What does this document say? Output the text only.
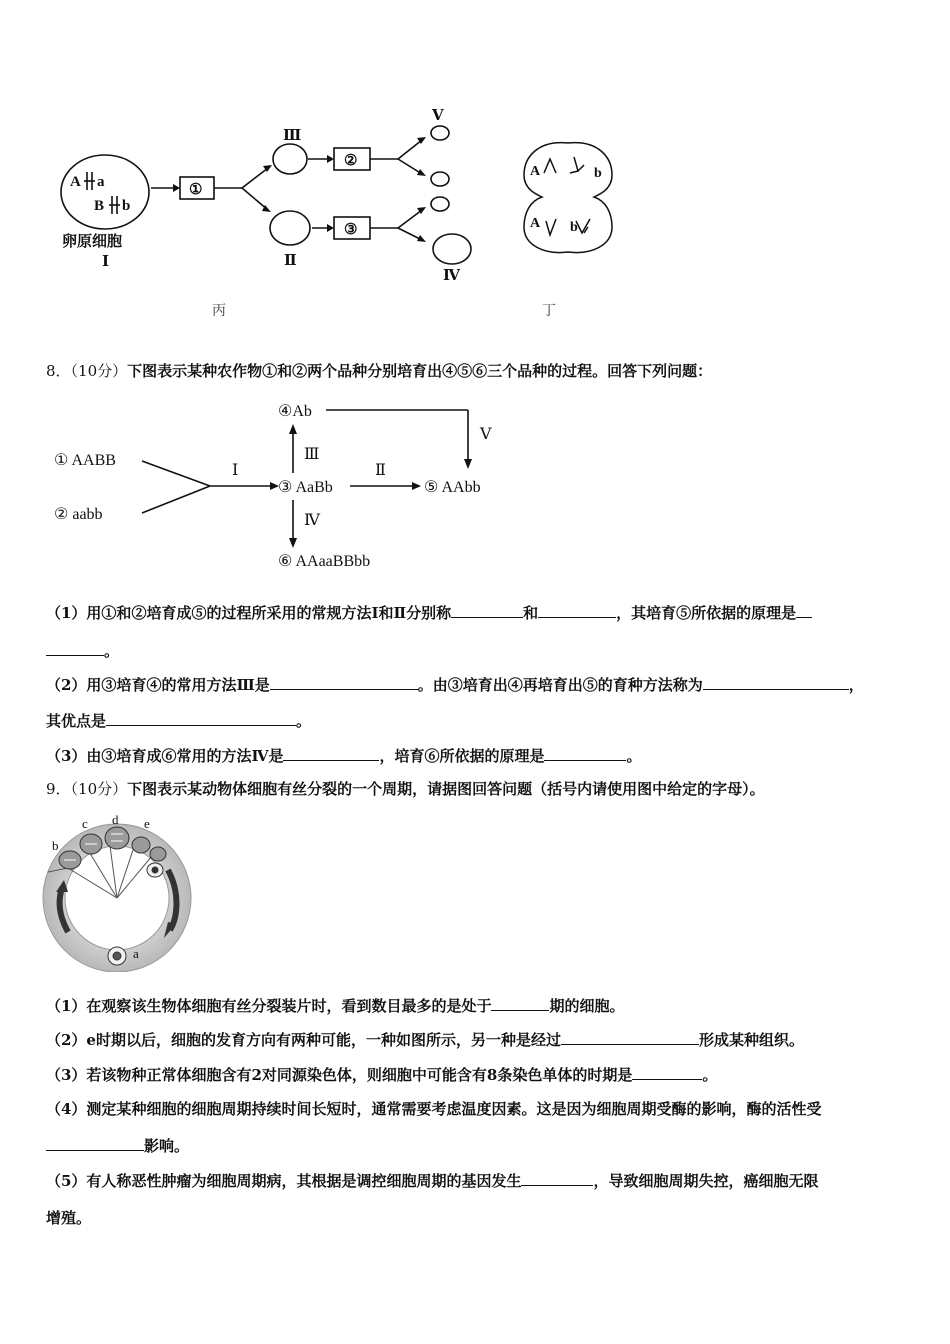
A a
B b
①
②
③
Ⅲ
Ⅱ
Ⅴ
Ⅳ
卵原细胞
Ⅰ
丙
A	b
A b
丁
8．（10分）下图表示某种农作物①和②两个品种分别培育出④⑤⑥三个品种的过程。回答下列问题：
① AABB
② aabb
③ AaBb
④Ab
⑤ AAbb
⑥ AAaaBBbb
Ⅰ	Ⅱ
Ⅲ
Ⅳ
Ⅴ
（1）用①和②培育成⑤的过程所采用的常规方法Ⅰ和Ⅱ分别称	和	，其培育⑤所依据的原理是
。
（2）用③培育④的常用方法Ⅲ是	。由③培育出④再培育出⑤的育种方法称为	，
其优点是	。
（3）由③培育成⑥常用的方法Ⅳ是	，培育⑥所依据的原理是	。
9．（10分）下图表示某动物体细胞有丝分裂的一个周期，请据图回答问题（括号内请使用图中给定的字母）。
a
b
c d e
（1）在观察该生物体细胞有丝分裂装片时，看到数目最多的是处于	期的细胞。
（2）e时期以后，细胞的发育方向有两种可能，一种如图所示，另一种是经过	形成某种组织。
（3）若该物种正常体细胞含有2对同源染色体，则细胞中可能含有8条染色单体的时期是	。
（4）测定某种细胞的细胞周期持续时间长短时，通常需要考虑温度因素。这是因为细胞周期受酶的影响，酶的活性受
影响。
（5）有人称恶性肿瘤为细胞周期病，其根据是调控细胞周期的基因发生	，导致细胞周期失控，癌细胞无限
增殖。
